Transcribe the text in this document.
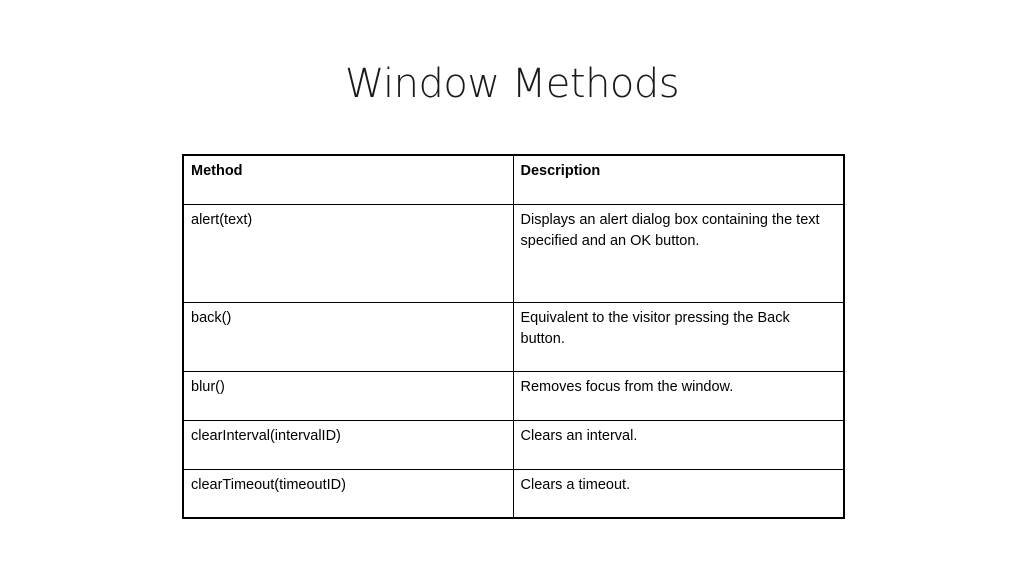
Window Methods
Method	Description
alert(text)	Displays an alert dialog box containing the text specified and an OK button.
back()	Equivalent to the visitor pressing the Back button.
blur()	Removes focus from the window.
clearInterval(intervalID)	Clears an interval.
clearTimeout(timeoutID)	Clears a timeout.
